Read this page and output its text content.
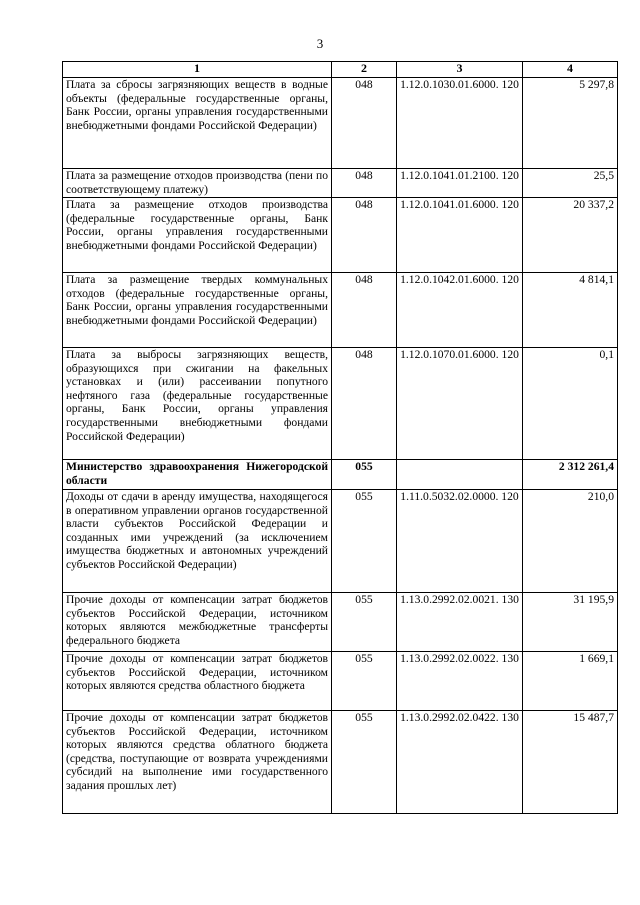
3
1	2	3	4
Плата за сбросы загрязняющих веществ в водные объекты (федеральные государственные органы, Банк России, органы управления государственными внебюджетными фондами Российской Федерации)	048	1.12.0.1030.01.6000. 120	5 297,8
Плата за размещение отходов производства (пени по соответствующему платежу)	048	1.12.0.1041.01.2100. 120	25,5
Плата за размещение отходов производства (федеральные государственные органы, Банк России, органы управления государственными внебюджетными фондами Российской Федерации)	048	1.12.0.1041.01.6000. 120	20 337,2
Плата за размещение твердых коммунальных отходов (федеральные государственные органы, Банк России, органы управления государственными внебюджетными фондами Российской Федерации)	048	1.12.0.1042.01.6000. 120	4 814,1
Плата за выбросы загрязняющих веществ, образующихся при сжигании на факельных установках и (или) рассеивании попутного нефтяного газа (федеральные государственные органы, Банк России, органы управления государственными внебюджетными фондами Российской Федерации)	048	1.12.0.1070.01.6000. 120	0,1
Министерство здравоохранения Нижегородской области	055		2 312 261,4
Доходы от сдачи в аренду имущества, находящегося в оперативном управлении органов государственной власти субъектов Российской Федерации и созданных ими учреждений (за исключением имущества бюджетных и автономных учреждений субъектов Российской Федерации)	055	1.11.0.5032.02.0000. 120	210,0
Прочие доходы от компенсации затрат бюджетов субъектов Российской Федерации, источником которых являются межбюджетные трансферты федерального бюджета	055	1.13.0.2992.02.0021. 130	31 195,9
Прочие доходы от компенсации затрат бюджетов субъектов Российской Федерации, источником которых являются средства областного бюджета	055	1.13.0.2992.02.0022. 130	1 669,1
Прочие доходы от компенсации затрат бюджетов субъектов Российской Федерации, источником которых являются средства облатного бюджета (средства, поступающие от возврата учреждениями субсидий на выполнение ими государственного задания прошлых лет)	055	1.13.0.2992.02.0422. 130	15 487,7
